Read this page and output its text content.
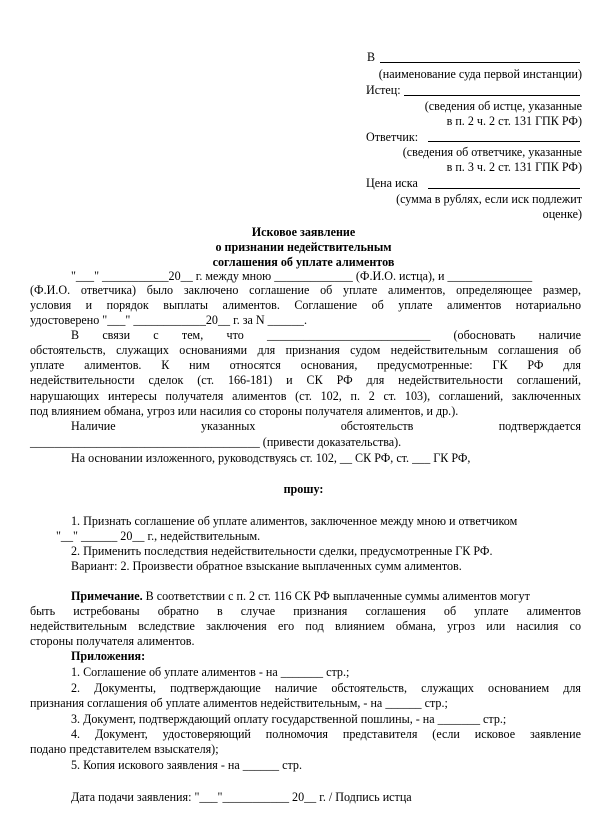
В
(наименование суда первой инстанции)
Истец:
(сведения об истце, указанные
в п. 2 ч. 2 ст. 131 ГПК РФ)
Ответчик:
(сведения об ответчике, указанные
в п. 3 ч. 2 ст. 131 ГПК РФ)
Цена иска
(сумма в рублях, если иск подлежит
оценке)
Исковое заявление
о признании недействительным
соглашения об уплате алиментов
"___" ___________20__ г. между мною _____________ (Ф.И.О. истца), и ______________
(Ф.И.О. ответчика) было заключено соглашение об уплате алиментов, определяющее размер,
условия и порядок выплаты алиментов. Соглашение об уплате алиментов нотариально
удостоверено "___" ____________20__ г. за N ______.
В связи с тем, что ___________________________ (обосновать наличие
обстоятельств, служащих основаниями для признания судом недействительным соглашения об
уплате алиментов. К ним относятся основания, предусмотренные: ГК РФ для
недействительности сделок (ст. 166-181) и СК РФ для недействительности соглашений,
нарушающих интересы получателя алиментов (ст. 102, п. 2 ст. 103), соглашений, заключенных
под влиянием обмана, угроз или насилия со стороны получателя алиментов, и др.).
Наличие указанных обстоятельств подтверждается
______________________________________ (привести доказательства).
На основании изложенного, руководствуясь ст. 102, __ СК РФ, ст. ___ ГК РФ,
прошу:
1. Признать соглашение об уплате алиментов, заключенное между мною и ответчиком
"__" ______ 20__ г., недействительным.
2. Применить последствия недействительности сделки, предусмотренные ГК РФ.
Вариант: 2. Произвести обратное взыскание выплаченных сумм алиментов.
Примечание. В соответствии с п. 2 ст. 116 СК РФ выплаченные суммы алиментов могут
быть истребованы обратно в случае признания соглашения об уплате алиментов
недействительным вследствие заключения его под влиянием обмана, угроз или насилия со
стороны получателя алиментов.
Приложения:
1. Соглашение об уплате алиментов - на _______ стр.;
2. Документы, подтверждающие наличие обстоятельств, служащих основанием для
признания соглашения об уплате алиментов недействительным, - на ______ стр.;
3. Документ, подтверждающий оплату государственной пошлины, - на _______ стр.;
4. Документ, удостоверяющий полномочия представителя (если исковое заявление
подано представителем взыскателя);
5. Копия искового заявления - на ______ стр.
Дата подачи заявления: "___"___________ 20__ г. / Подпись истца
